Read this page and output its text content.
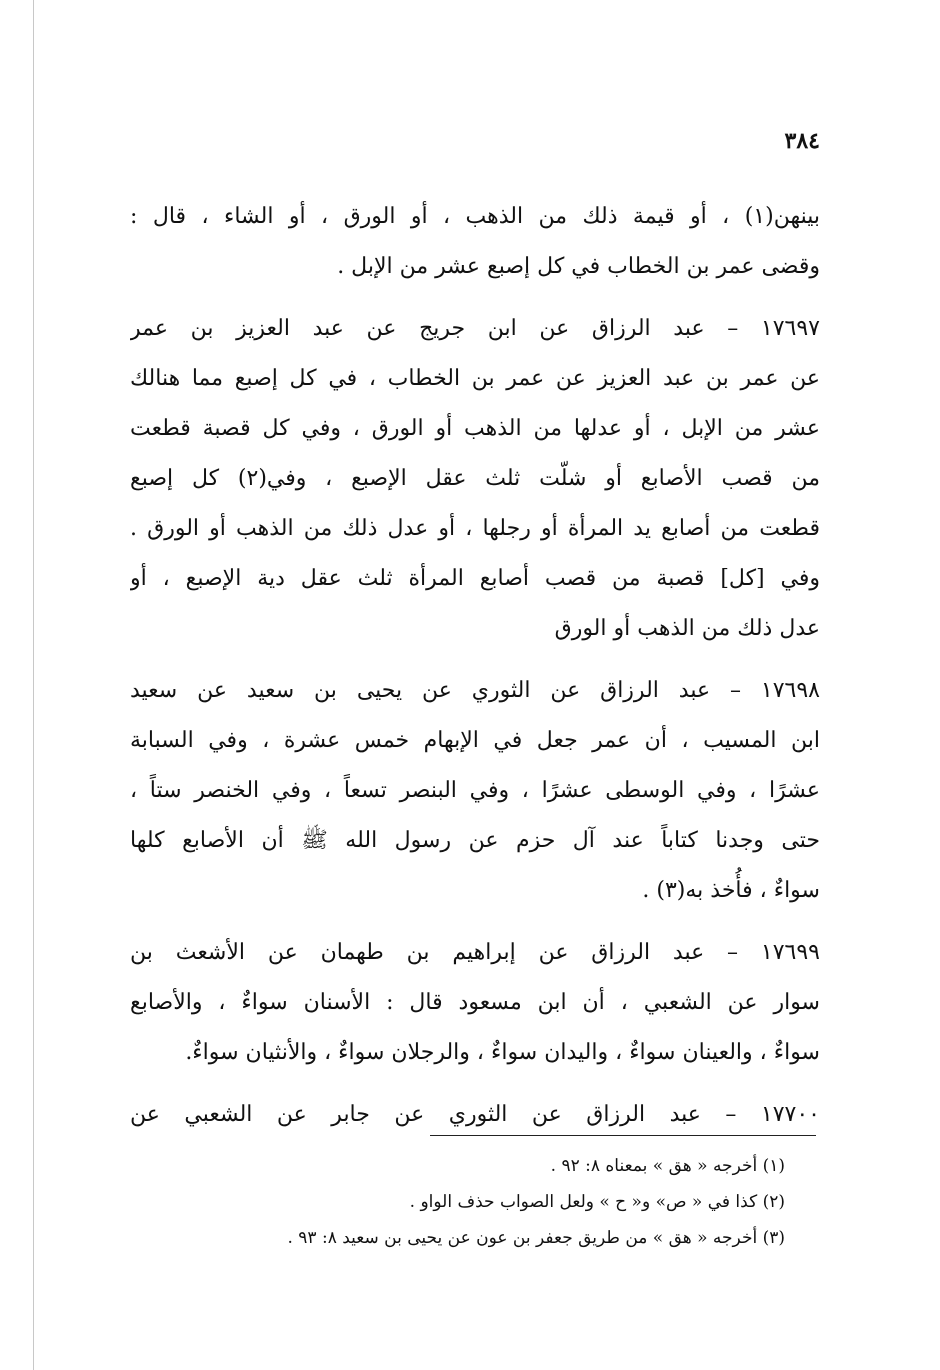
٣٨٤
بينهن(١) ، أو قيمة ذلك من الذهب ، أو الورق ، أو الشاء ، قال :
وقضى عمر بن الخطاب في كل إصبع عشر من الإبل .
١٧٦٩٧ – عبد الرزاق عن ابن جريج عن عبد العزيز بن عمر
عن عمر بن عبد العزيز عن عمر بن الخطاب ، في كل إصبع مما هنالك
عشر من الإبل ، أو عدلها من الذهب أو الورق ، وفي كل قصبة قطعت
من قصب الأصابع أو شلّت ثلث عقل الإصبع ، وفي(٢) كل إصبع
قطعت من أصابع يد المرأة أو رجلها ، أو عدل ذلك من الذهب أو الورق .
وفي [كل] قصبة من قصب أصابع المرأة ثلث عقل دية الإصبع ، أو
عدل ذلك من الذهب أو الورق
١٧٦٩٨ – عبد الرزاق عن الثوري عن يحيى بن سعيد عن سعيد
ابن المسيب ، أن عمر جعل في الإبهام خمس عشرة ، وفي السبابة
عشرًا ، وفي الوسطى عشرًا ، وفي البنصر تسعاً ، وفي الخنصر ستاً ،
حتى وجدنا كتاباً عند آل حزم عن رسول الله ﷺ أن الأصابع كلها
سواءٌ ، فأُخذ به(٣) .
١٧٦٩٩ – عبد الرزاق عن إبراهيم بن طهمان عن الأشعث بن
سوار عن الشعبي ، أن ابن مسعود قال : الأسنان سواءٌ ، والأصابع
سواءٌ ، والعينان سواءٌ ، واليدان سواءٌ ، والرجلان سواءٌ ، والأنثيان سواءٌ.
١٧٧٠٠ – عبد الرزاق عن الثوري عن جابر عن الشعبي عن
(١) أخرجه « هق » بمعناه ٨: ٩٢ .
(٢) كذا في « ص» و« ح » ولعل الصواب حذف الواو .
(٣) أخرجه « هق » من طريق جعفر بن عون عن يحيى بن سعيد ٨: ٩٣ .
